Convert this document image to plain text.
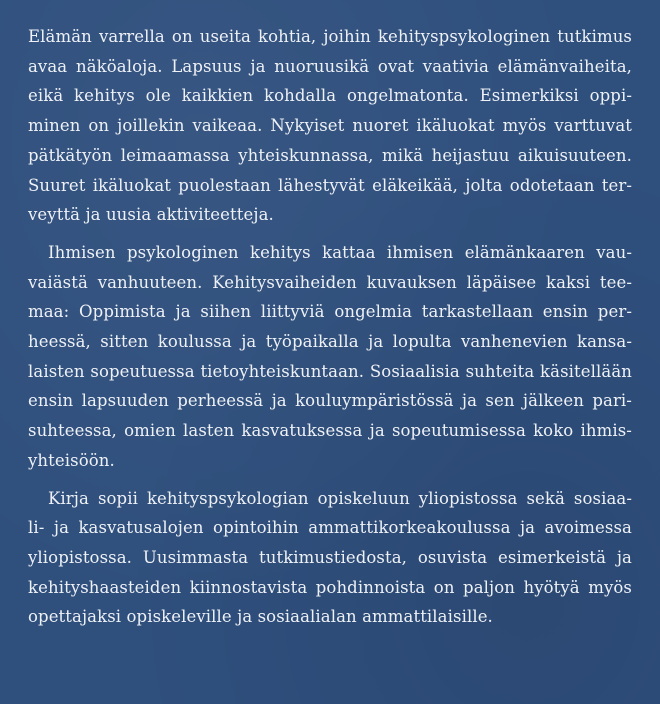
Elämän varrella on useita kohtia, joihin kehityspsykologinen tutkimus
avaa näköaloja. Lapsuus ja nuoruusikä ovat vaativia elämänvaiheita,
eikä kehitys ole kaikkien kohdalla ongelmatonta. Esimerkiksi oppi-
minen on joillekin vaikeaa. Nykyiset nuoret ikäluokat myös varttuvat
pätkätyön leimaamassa yhteiskunnassa, mikä heijastuu aikuisuuteen.
Suuret ikäluokat puolestaan lähestyvät eläkeikää, jolta odotetaan ter-
veyttä ja uusia aktiviteetteja.

Ihmisen psykologinen kehitys kattaa ihmisen elämänkaaren vau-
vaiästä vanhuuteen. Kehitysvaiheiden kuvauksen läpäisee kaksi tee-
maa: Oppimista ja siihen liittyviä ongelmia tarkastellaan ensin per-
heessä, sitten koulussa ja työpaikalla ja lopulta vanhenevien kansa-
laisten sopeutuessa tietoyhteiskuntaan. Sosiaalisia suhteita käsitellään
ensin lapsuuden perheessä ja kouluympäristössä ja sen jälkeen pari-
suhteessa, omien lasten kasvatuksessa ja sopeutumisessa koko ihmis-
yhteisöön.

Kirja sopii kehityspsykologian opiskeluun yliopistossa sekä sosiaa-
li- ja kasvatusalojen opintoihin ammattikorkeakoulussa ja avoimessa
yliopistossa. Uusimmasta tutkimustiedosta, osuvista esimerkeistä ja
kehityshaasteiden kiinnostavista pohdinnoista on paljon hyötyä myös
opettajaksi opiskeleville ja sosiaalialan ammattilaisille.
